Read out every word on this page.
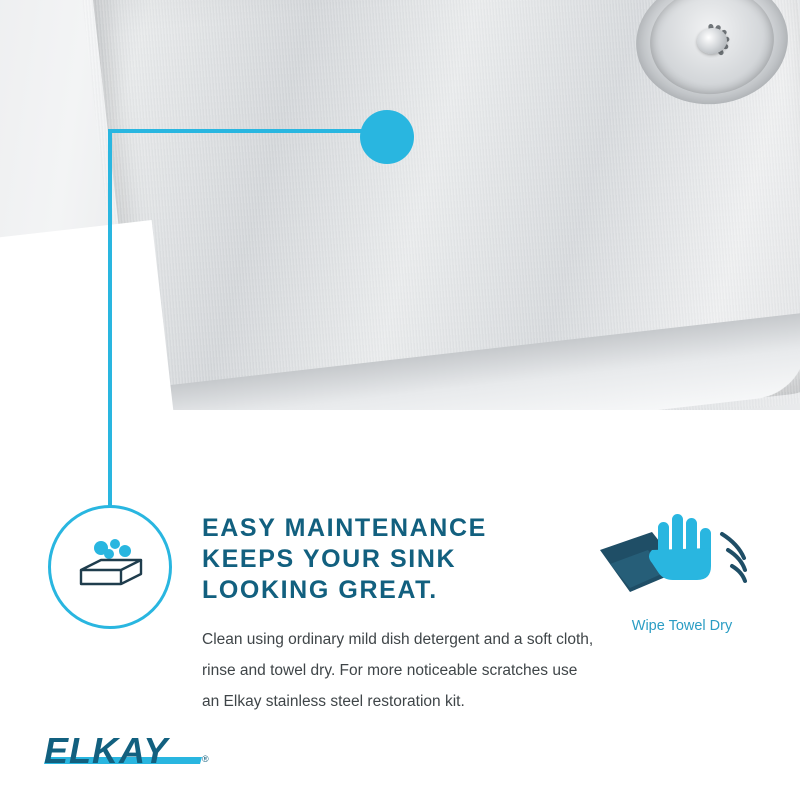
EASY MAINTENANCE KEEPS YOUR SINK LOOKING GREAT.
Clean using ordinary mild dish detergent and a soft cloth, rinse and towel dry. For more noticeable scratches use an Elkay stainless steel restoration kit.
Wipe Towel Dry
ELKAY	®
